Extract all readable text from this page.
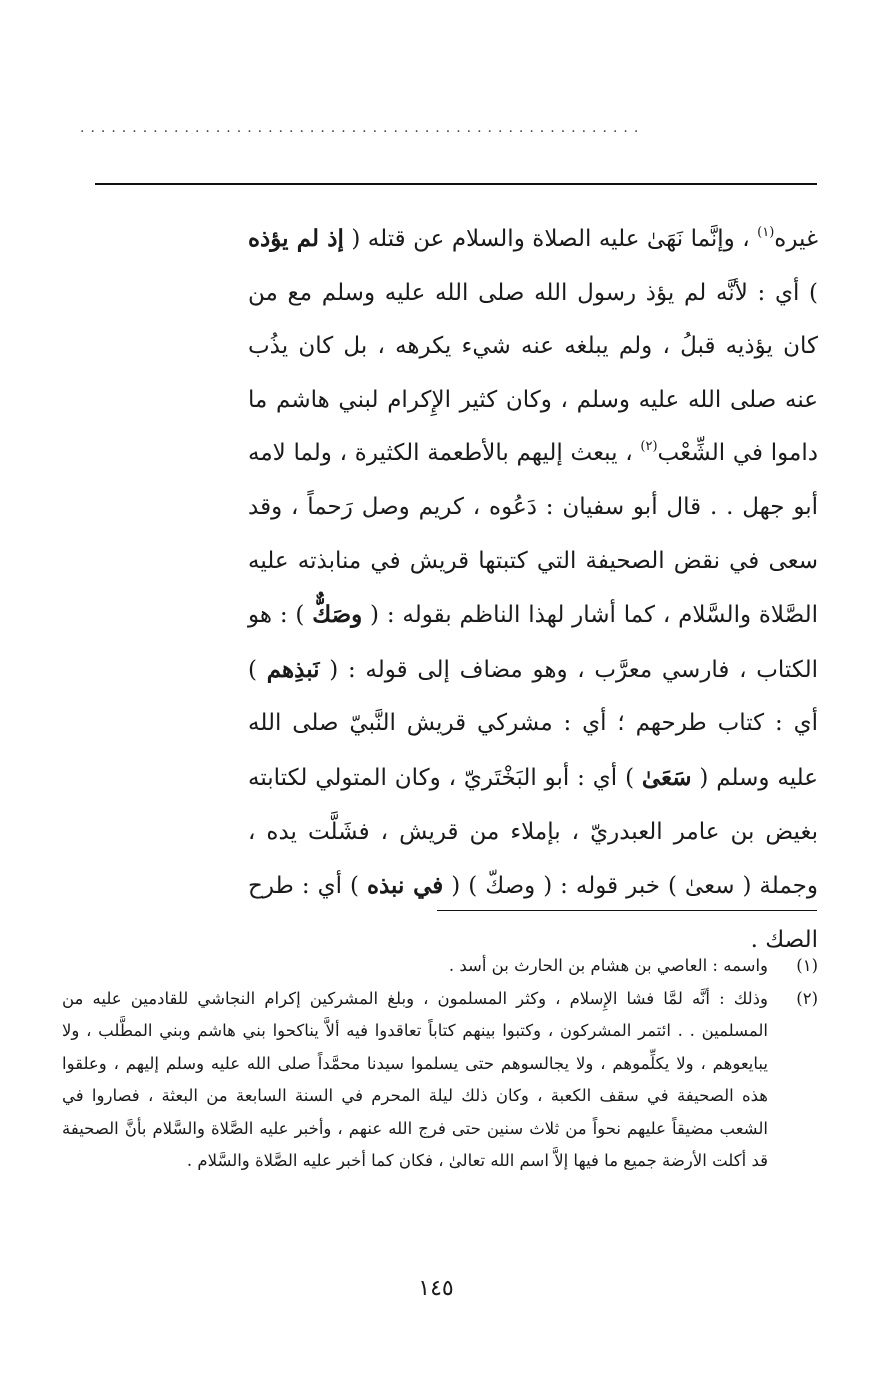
......................................................

غيره$^{(١)}$ ، وإنَّما نَهَىٰ عليه الصلاة والسلام عن قتله ( إذ لم يؤذه ) أي : لأنَّه لم يؤذ رسول الله صلى الله عليه وسلم مع من كان يؤذيه قبلُ ، ولم يبلغه عنه شيء يكرهه ، بل كان يذُب عنه صلى الله عليه وسلم ، وكان كثير الإِكرام لبني هاشم ما داموا في الشِّعْب$^{(٢)}$ ، يبعث إليهم بالأطعمة الكثيرة ، ولما لامه أبو جهل . . قال أبو سفيان : دَعُوه ، كريم وصل رَحماً ، وقد سعى في نقض الصحيفة التي كتبتها قريش في منابذته عليه الصَّلاة والسَّلام ، كما أشار لهذا الناظم بقوله : ( وصَكٌّ ) : هو الكتاب ، فارسي معرَّب ، وهو مضاف إلى قوله : ( نَبذِهم ) أي : كتاب طرحهم ؛ أي : مشركي قريش النَّبيّ صلى الله عليه وسلم ( سَعَىٰ ) أي : أبو البَخْتَريّ ، وكان المتولي لكتابته بغيض بن عامر العبدريّ ، بإملاء من قريش ، فشَلَّت يده ، وجملة ( سعىٰ ) خبر قوله : ( وصكّ ) ( في نبذه ) أي : طرح الصك .

(١)
واسمه : العاصي بن هشام بن الحارث بن أسد .
(٢)
وذلك : أنَّه لمَّا فشا الإِسلام ، وكثر المسلمون ، وبلغ المشركين إكرام النجاشي للقادمين عليه من المسلمين . . ائتمر المشركون ، وكتبوا بينهم كتاباً تعاقدوا فيه ألاَّ يناكحوا بني هاشم وبني المطَّلب ، ولا يبايعوهم ، ولا يكلِّموهم ، ولا يجالسوهم حتى يسلموا سيدنا محمَّداً صلى الله عليه وسلم إليهم ، وعلقوا هذه الصحيفة في سقف الكعبة ، وكان ذلك ليلة المحرم في السنة السابعة من البعثة ، فصاروا في الشعب مضيقاً عليهم نحواً من ثلاث سنين حتى فرج الله عنهم ، وأخبر عليه الصَّلاة والسَّلام بأنَّ الصحيفة قد أكلت الأرضة جميع ما فيها إلاَّ اسم الله تعالىٰ ، فكان كما أخبر عليه الصَّلاة والسَّلام .
١٤٥
